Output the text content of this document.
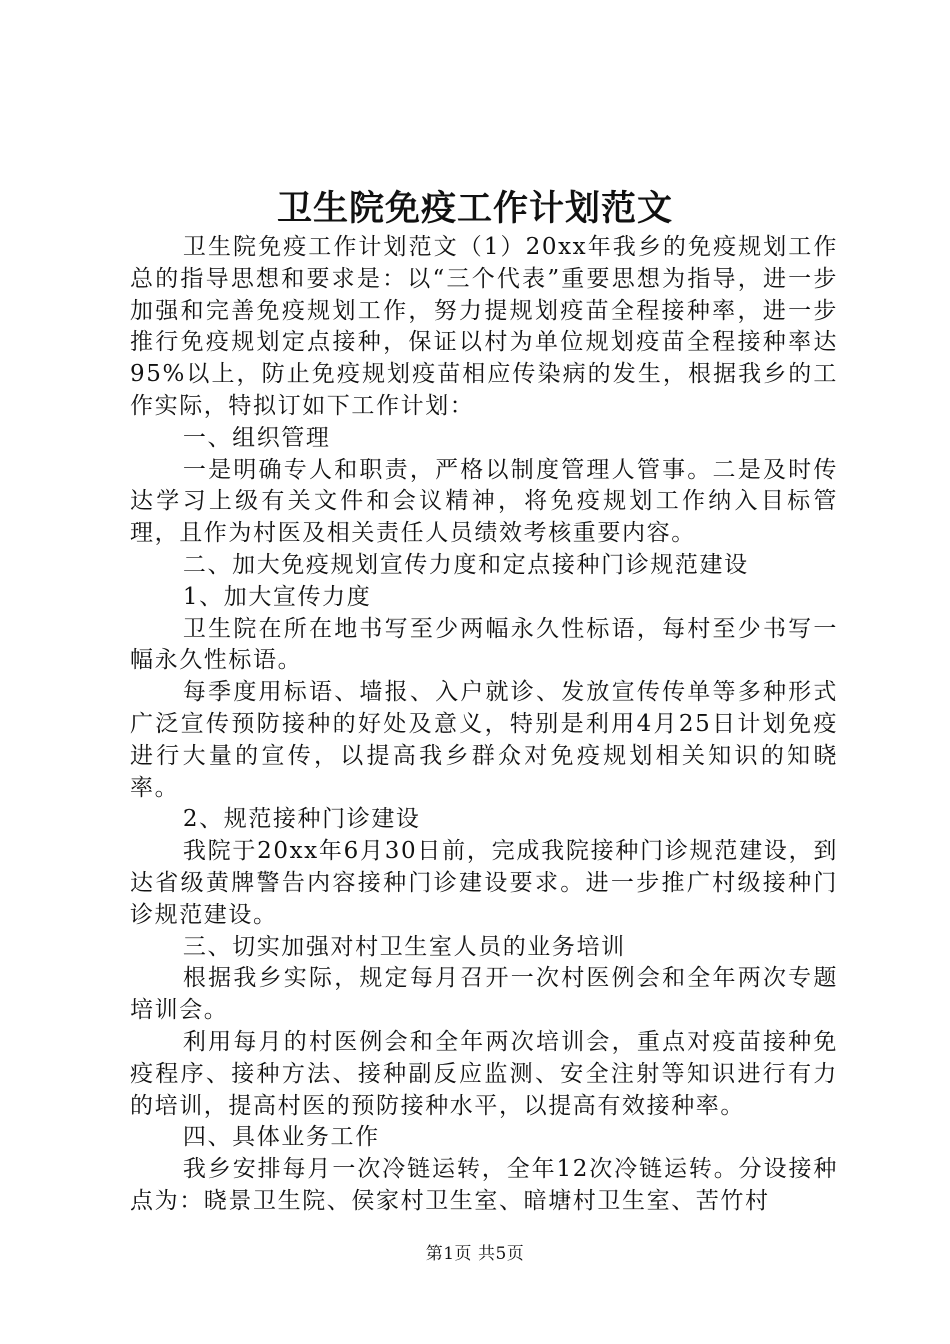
卫生院免疫工作计划范文

卫生院免疫工作计划范文（1）20xx年我乡的免疫规划工作总的指导思想和要求是：以“三个代表”重要思想为指导，进一步加强和完善免疫规划工作，努力提规划疫苗全程接种率，进一步推行免疫规划定点接种，保证以村为单位规划疫苗全程接种率达95%以上，防止免疫规划疫苗相应传染病的发生，根据我乡的工作实际，特拟订如下工作计划：

一、组织管理

一是明确专人和职责，严格以制度管理人管事。二是及时传达学习上级有关文件和会议精神，将免疫规划工作纳入目标管理，且作为村医及相关责任人员绩效考核重要内容。

二、加大免疫规划宣传力度和定点接种门诊规范建设

1、加大宣传力度

卫生院在所在地书写至少两幅永久性标语，每村至少书写一幅永久性标语。

每季度用标语、墙报、入户就诊、发放宣传传单等多种形式广泛宣传预防接种的好处及意义，特别是利用4月25日计划免疫进行大量的宣传，以提高我乡群众对免疫规划相关知识的知晓率。

2、规范接种门诊建设

我院于20xx年6月30日前，完成我院接种门诊规范建设，到达省级黄牌警告内容接种门诊建设要求。进一步推广村级接种门诊规范建设。

三、切实加强对村卫生室人员的业务培训

根据我乡实际，规定每月召开一次村医例会和全年两次专题培训会。

利用每月的村医例会和全年两次培训会，重点对疫苗接种免疫程序、接种方法、接种副反应监测、安全注射等知识进行有力的培训，提高村医的预防接种水平，以提高有效接种率。

四、具体业务工作

我乡安排每月一次冷链运转，全年12次冷链运转。分设接种点为：晓景卫生院、侯家村卫生室、暗塘村卫生室、苦竹村

第1页 共5页
